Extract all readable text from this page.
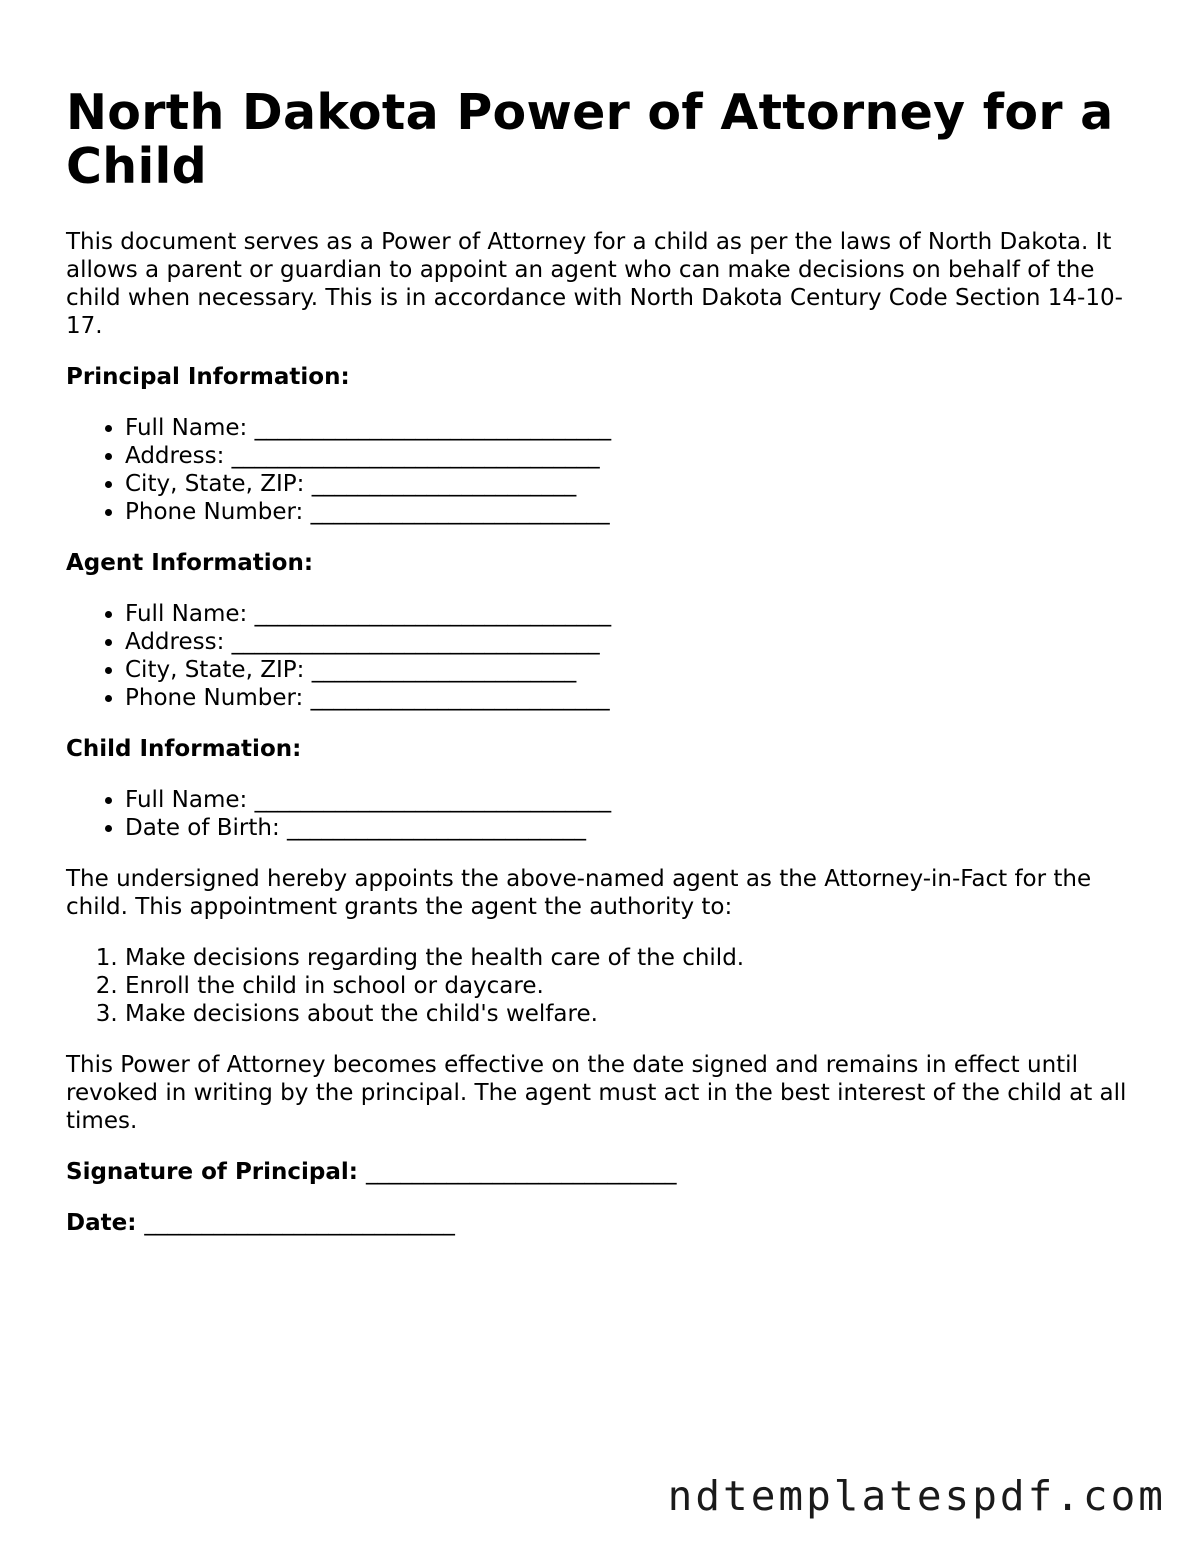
North Dakota Power of Attorney for a Child

This document serves as a Power of Attorney for a child as per the laws of North Dakota. It allows a parent or guardian to appoint an agent who can make decisions on behalf of the child when necessary. This is in accordance with North Dakota Century Code Section 14-10-17.

Principal Information:
• Full Name: _______________________________
• Address: ________________________________
• City, State, ZIP: _______________________
• Phone Number: __________________________
Agent Information:
• Full Name: _______________________________
• Address: ________________________________
• City, State, ZIP: _______________________
• Phone Number: __________________________
Child Information:
• Full Name: _______________________________
• Date of Birth: __________________________

The undersigned hereby appoints the above-named agent as the Attorney-in-Fact for the child. This appointment grants the agent the authority to:

1. Make decisions regarding the health care of the child.
2. Enroll the child in school or daycare.
3. Make decisions about the child's welfare.

This Power of Attorney becomes effective on the date signed and remains in effect until revoked in writing by the principal. The agent must act in the best interest of the child at all times.

Signature of Principal: ___________________________
Date: ___________________________
ndtemplatespdf.com
